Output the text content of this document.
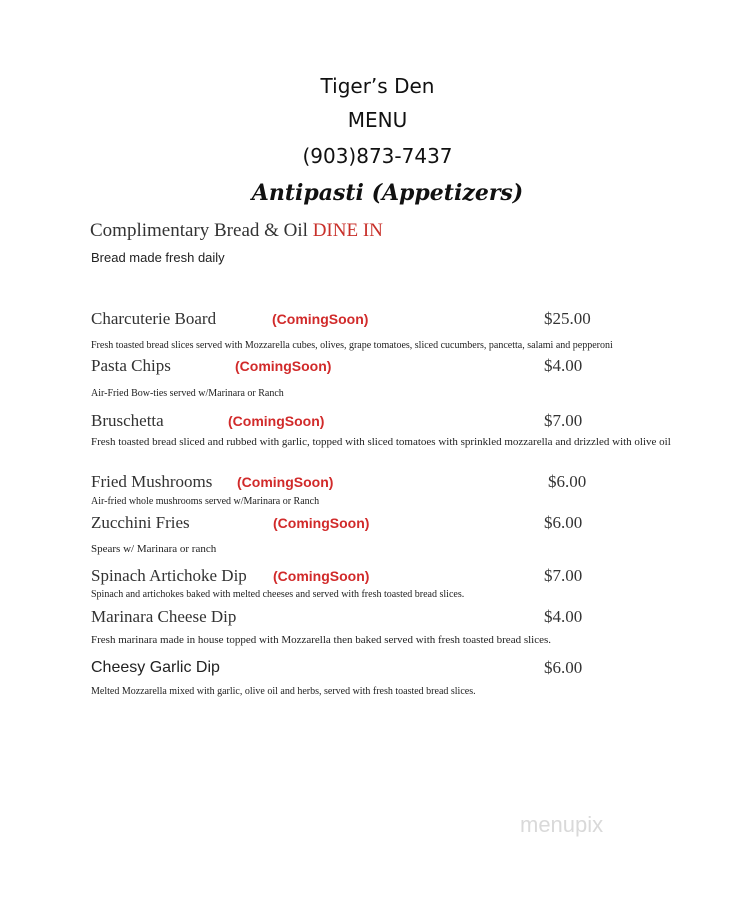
Tiger’s Den
MENU
(903)873-7437
Antipasti (Appetizers)
Complimentary Bread & Oil DINE IN
Bread made fresh daily
Charcuterie Board	(ComingSoon)	$25.00
Fresh toasted bread slices served with Mozzarella cubes, olives, grape tomatoes, sliced cucumbers, pancetta, salami and pepperoni
Pasta Chips	(ComingSoon)	$4.00
Air-Fried Bow-ties served w/Marinara or Ranch
Bruschetta	(ComingSoon)	$7.00
Fresh toasted bread sliced and rubbed with garlic, topped with sliced tomatoes with sprinkled mozzarella and drizzled with olive oil
Fried Mushrooms (ComingSoon)	$6.00
Air-fried whole mushrooms served w/Marinara or Ranch
Zucchini Fries	(ComingSoon)	$6.00
Spears w/ Marinara or ranch
Spinach Artichoke Dip (ComingSoon)	$7.00
Spinach and artichokes baked with melted cheeses and served with fresh toasted bread slices.
Marinara Cheese Dip	$4.00
Fresh marinara made in house topped with Mozzarella then baked served with fresh toasted bread slices.
Cheesy Garlic Dip	$6.00
Melted Mozzarella mixed with garlic, olive oil and herbs, served with fresh toasted bread slices.
menupix
